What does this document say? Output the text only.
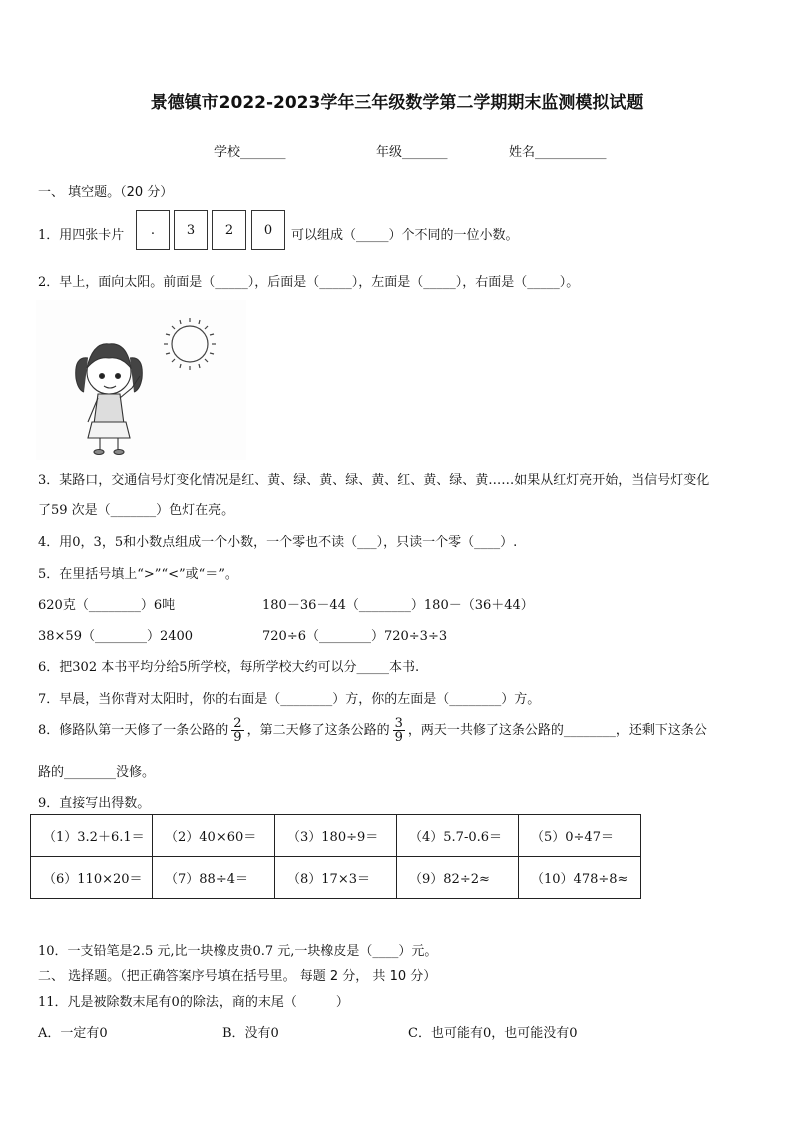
景德镇市2022-2023学年三年级数学第二学期期末监测模拟试题
学校_______	年级_______	姓名___________
一、 填空题。（20 分）
1．用四张卡片	.	3	2	0	可以组成（_____）个不同的一位小数。
2．早上，面向太阳。前面是（_____），后面是（_____），左面是（_____），右面是（_____）。
3．某路口，交通信号灯变化情况是红、黄、绿、黄、绿、黄、红、黄、绿、黄……如果从红灯亮开始，当信号灯变化
了59 次是（_______）色灯在亮。
4．用0，3，5和小数点组成一个小数，一个零也不读（___），只读一个零（____）.
5．在里括号填上“>”“<”或“＝”。
620克（________）6吨	180－36－44（________）180－（36＋44）
38×59（________）2400	720÷6（________）720÷3÷3
6．把302 本书平均分给5所学校，每所学校大约可以分_____本书.
7．早晨，当你背对太阳时，你的右面是（________）方，你的左面是（________）方。
8．修路队第一天修了一条公路的 $\frac{2}{9}$ ，第二天修了这条公路的 $\frac{3}{9}$ ，两天一共修了这条公路的________，还剩下这条公
路的________没修。
9．直接写出得数。
（1）3.2＋6.1＝	（2）40×60＝	（3）180÷9＝	（4）5.7-0.6＝	（5）0÷47＝
（6）110×20＝	（7）88÷4＝	（8）17×3＝	（9）82÷2≈	（10）478÷8≈
10．一支铅笔是2.5 元,比一块橡皮贵0.7 元,一块橡皮是（____）元。
二、 选择题。（把正确答案序号填在括号里。 每题 2 分， 共 10 分）
11．凡是被除数末尾有0的除法，商的末尾（　　　）
A．一定有0	B．没有0	C．也可能有0，也可能没有0
